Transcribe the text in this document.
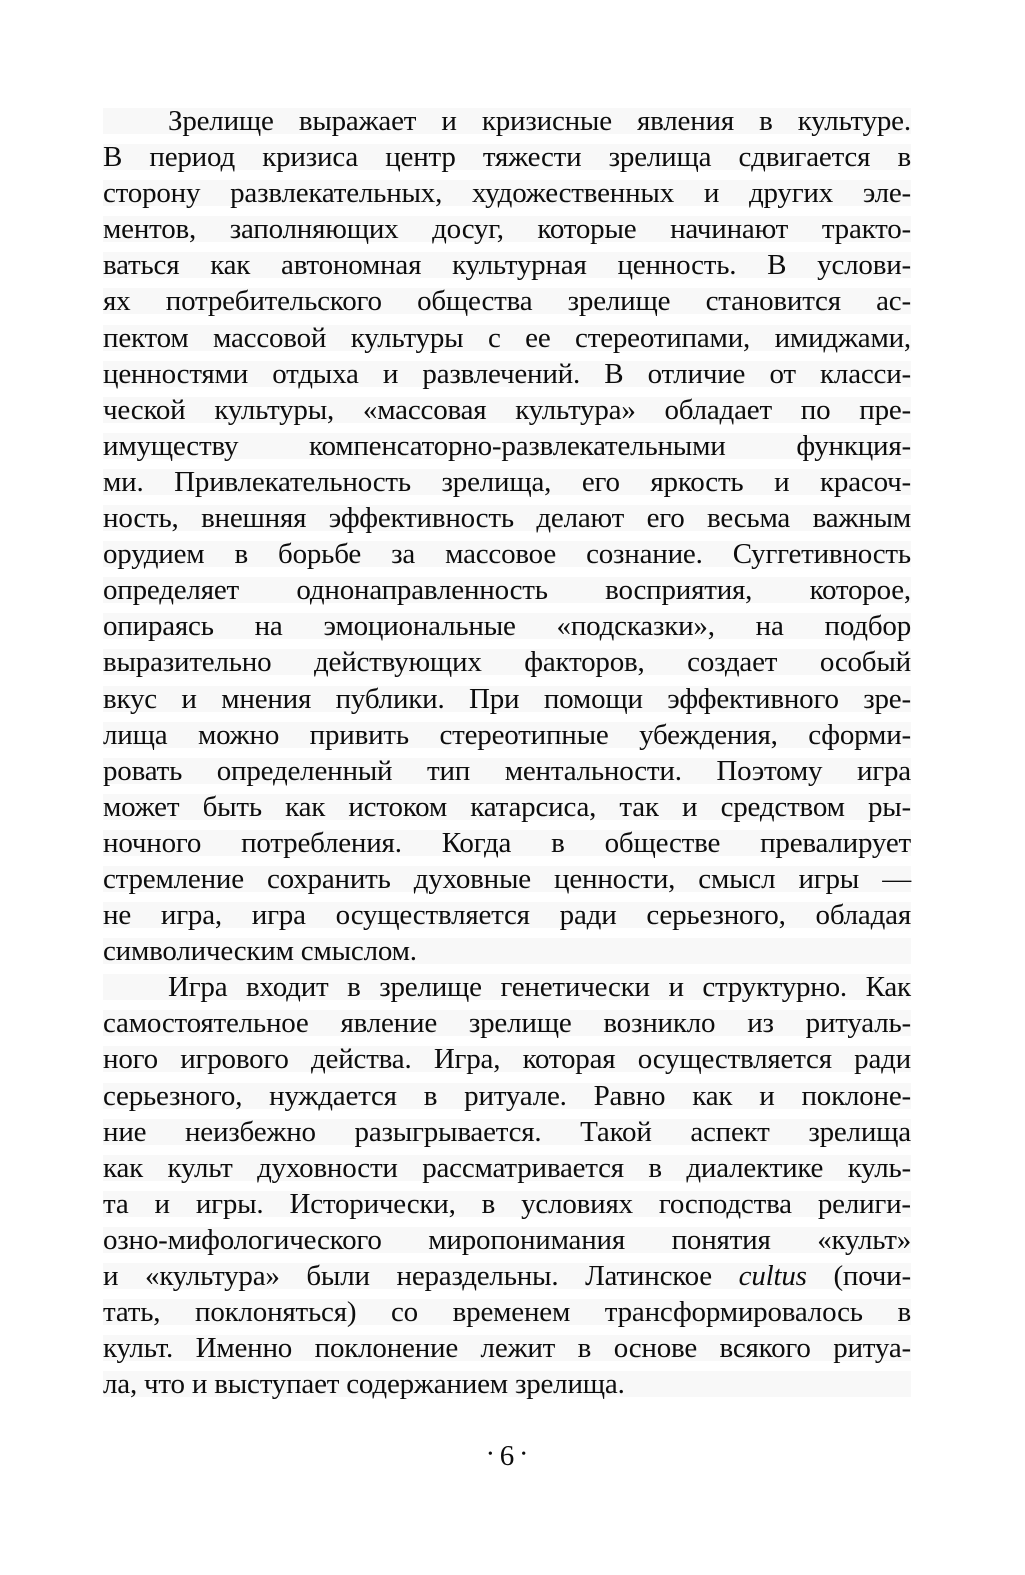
Зрелище выражает и кризисные явления в культуре.
В период кризиса центр тяжести зрелища сдвигается в
сторону развлекательных, художественных и других эле-
ментов, заполняющих досуг, которые начинают тракто-
ваться как автономная культурная ценность. В услови-
ях потребительского общества зрелище становится ас-
пектом массовой культуры с ее стереотипами, имиджами,
ценностями отдыха и развлечений. В отличие от класси-
ческой культуры, «массовая культура» обладает по пре-
имуществу компенсаторно-развлекательными функция-
ми. Привлекательность зрелища, его яркость и красоч-
ность, внешняя эффективность делают его весьма важным
орудием в борьбе за массовое сознание. Суггетивность
определяет однонаправленность восприятия, которое,
опираясь на эмоциональные «подсказки», на подбор
выразительно действующих факторов, создает особый
вкус и мнения публики. При помощи эффективного зре-
лища можно привить стереотипные убеждения, сформи-
ровать определенный тип ментальности. Поэтому игра
может быть как истоком катарсиса, так и средством ры-
ночного потребления. Когда в обществе превалирует
стремление сохранить духовные ценности, смысл игры —
не игра, игра осуществляется ради серьезного, обладая
символическим смыслом.
Игра входит в зрелище генетически и структурно. Как
самостоятельное явление зрелище возникло из ритуаль-
ного игрового действа. Игра, которая осуществляется ради
серьезного, нуждается в ритуале. Равно как и поклоне-
ние неизбежно разыгрывается. Такой аспект зрелища
как культ духовности рассматривается в диалектике куль-
та и игры. Исторически, в условиях господства религи-
озно-мифологического миропонимания понятия «культ»
и «культура» были нераздельны. Латинское cultus (почи-
тать, поклоняться) со временем трансформировалось в
культ. Именно поклонение лежит в основе всякого ритуа-
ла, что и выступает содержанием зрелища.
• 6 •
